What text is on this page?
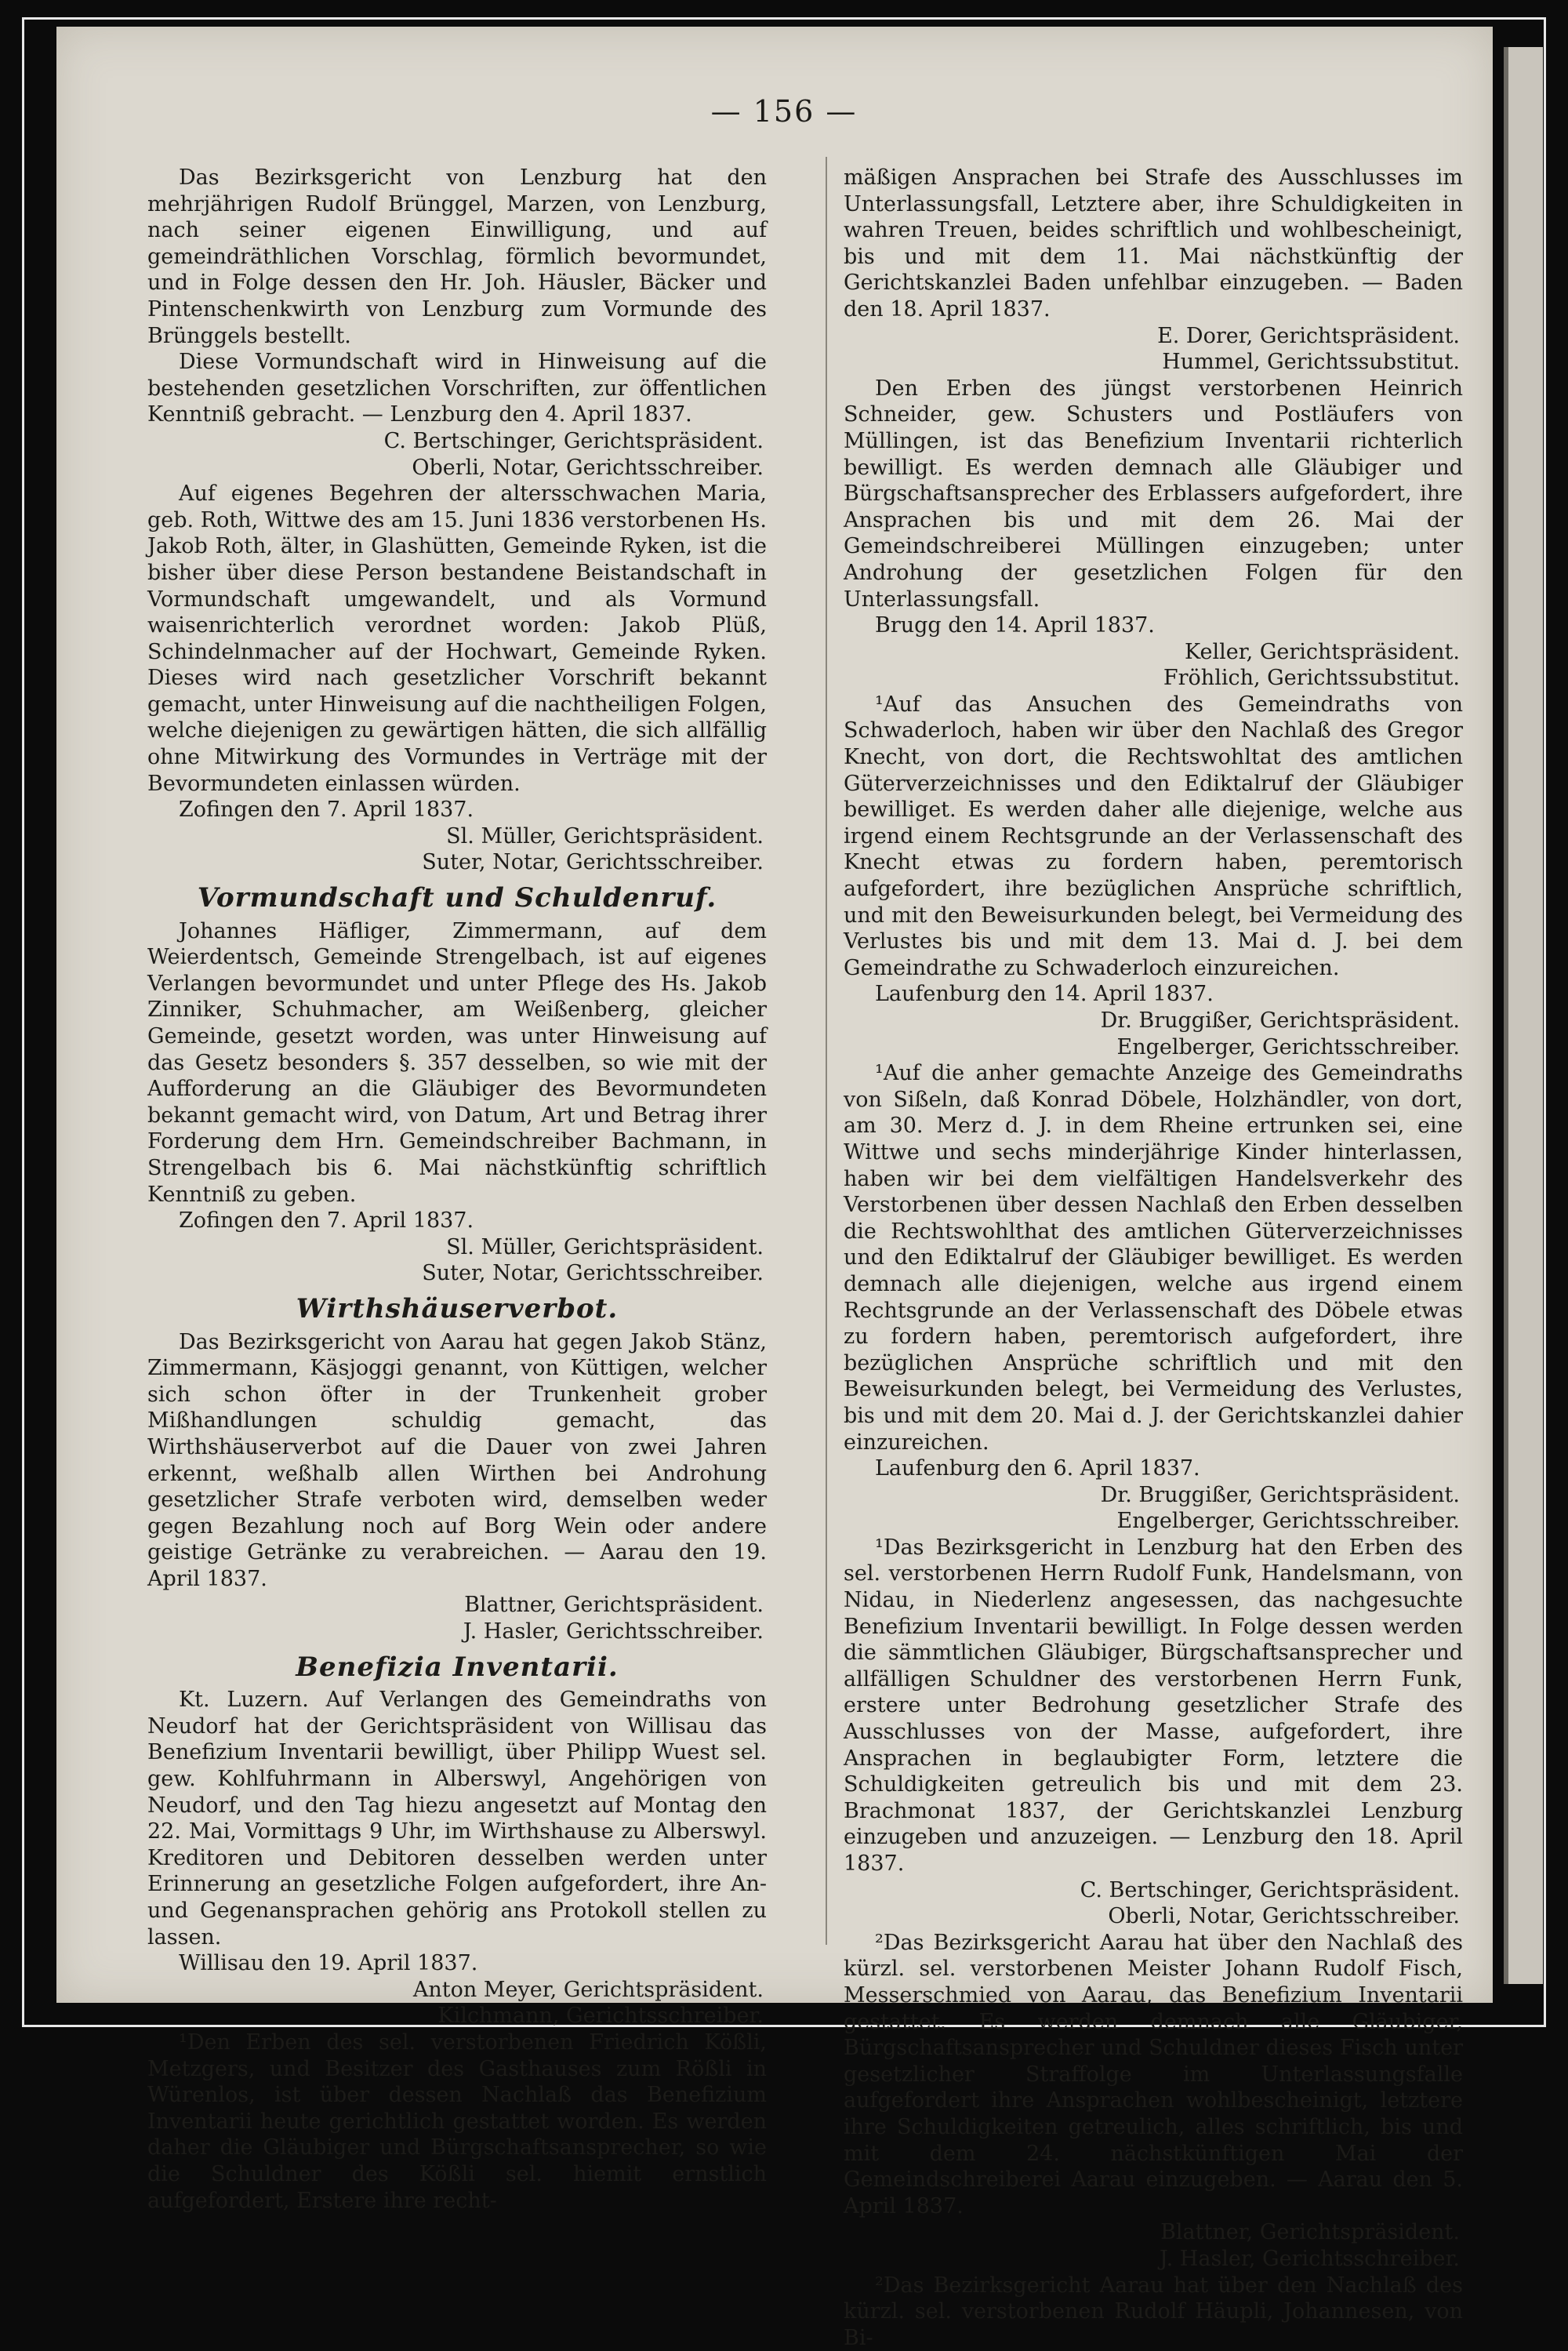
— 156 —

Das Bezirksgericht von Lenzburg hat den mehrjährigen Rudolf Brünggel, Marzen, von Lenzburg, nach seiner eigenen Einwilligung, und auf gemeindräthlichen Vorschlag, förmlich bevormundet, und in Folge dessen den Hr. Joh. Häusler, Bäcker und Pintenschenkwirth von Lenzburg zum Vormunde des Brünggels bestellt.

Diese Vormundschaft wird in Hinweisung auf die bestehenden gesetzlichen Vorschriften, zur öffentlichen Kenntniß gebracht. — Lenzburg den 4. April 1837.

C. Bertschinger, Gerichtspräsident.
Oberli, Notar, Gerichtsschreiber.

Auf eigenes Begehren der altersschwachen Maria, geb. Roth, Wittwe des am 15. Juni 1836 verstorbenen Hs. Jakob Roth, älter, in Glashütten, Gemeinde Ryken, ist die bisher über diese Person bestandene Beistandschaft in Vormundschaft umgewandelt, und als Vormund waisenrichterlich verordnet worden: Jakob Plüß, Schindelnmacher auf der Hochwart, Gemeinde Ryken. Dieses wird nach gesetzlicher Vorschrift bekannt gemacht, unter Hinweisung auf die nachtheiligen Folgen, welche diejenigen zu gewärtigen hätten, die sich allfällig ohne Mitwirkung des Vormundes in Verträge mit der Bevormundeten einlassen würden.

Zofingen den 7. April 1837.
Sl. Müller, Gerichtspräsident.
Suter, Notar, Gerichtsschreiber.
Vormundschaft und Schuldenruf.

Johannes Häfliger, Zimmermann, auf dem Weierdentsch, Gemeinde Strengelbach, ist auf eigenes Verlangen bevormundet und unter Pflege des Hs. Jakob Zinniker, Schuhmacher, am Weißenberg, gleicher Gemeinde, gesetzt worden, was unter Hinweisung auf das Gesetz besonders §. 357 desselben, so wie mit der Aufforderung an die Gläubiger des Bevormundeten bekannt gemacht wird, von Datum, Art und Betrag ihrer Forderung dem Hrn. Gemeindschreiber Bachmann, in Strengelbach bis 6. Mai nächstkünftig schriftlich Kenntniß zu geben.

Zofingen den 7. April 1837.
Sl. Müller, Gerichtspräsident.
Suter, Notar, Gerichtsschreiber.
Wirthshäuserverbot.

Das Bezirksgericht von Aarau hat gegen Jakob Stänz, Zimmermann, Käsjoggi genannt, von Küttigen, welcher sich schon öfter in der Trunkenheit grober Mißhandlungen schuldig gemacht, das Wirthshäuserverbot auf die Dauer von zwei Jahren erkennt, weßhalb allen Wirthen bei Androhung gesetzlicher Strafe verboten wird, demselben weder gegen Bezahlung noch auf Borg Wein oder andere geistige Getränke zu verabreichen. — Aarau den 19. April 1837.

Blattner, Gerichtspräsident.
J. Hasler, Gerichtsschreiber.
Benefizia Inventarii.

Kt. Luzern. Auf Verlangen des Gemeindraths von Neudorf hat der Gerichtspräsident von Willisau das Benefizium Inventarii bewilligt, über Philipp Wuest sel. gew. Kohlfuhrmann in Alberswyl, Angehörigen von Neudorf, und den Tag hiezu angesetzt auf Montag den 22. Mai, Vormittags 9 Uhr, im Wirthshause zu Alberswyl. Kreditoren und Debitoren desselben werden unter Erinnerung an gesetzliche Folgen aufgefordert, ihre An- und Gegenansprachen gehörig ans Protokoll stellen zu lassen.

Willisau den 19. April 1837.
Anton Meyer, Gerichtspräsident.
Kilchmann, Gerichtsschreiber.

¹Den Erben des sel. verstorbenen Friedrich Kößli, Metzgers, und Besitzer des Gasthauses zum Rößli in Würenlos, ist über dessen Nachlaß das Benefizium Inventarii heute gerichtlich gestattet worden. Es werden daher die Gläubiger und Bürgschaftsansprecher, so wie die Schuldner des Kößli sel. hiemit ernstlich aufgefordert, Erstere ihre recht-

mäßigen Ansprachen bei Strafe des Ausschlusses im Unterlassungsfall, Letztere aber, ihre Schuldigkeiten in wahren Treuen, beides schriftlich und wohlbescheinigt, bis und mit dem 11. Mai nächstkünftig der Gerichtskanzlei Baden unfehlbar einzugeben. — Baden den 18. April 1837.

E. Dorer, Gerichtspräsident.
Hummel, Gerichtssubstitut.

Den Erben des jüngst verstorbenen Heinrich Schneider, gew. Schusters und Postläufers von Müllingen, ist das Benefizium Inventarii richterlich bewilligt. Es werden demnach alle Gläubiger und Bürgschaftsansprecher des Erblassers aufgefordert, ihre Ansprachen bis und mit dem 26. Mai der Gemeindschreiberei Müllingen einzugeben; unter Androhung der gesetzlichen Folgen für den Unterlassungsfall.

Brugg den 14. April 1837.
Keller, Gerichtspräsident.
Fröhlich, Gerichtssubstitut.

¹Auf das Ansuchen des Gemeindraths von Schwaderloch, haben wir über den Nachlaß des Gregor Knecht, von dort, die Rechtswohltat des amtlichen Güterverzeichnisses und den Ediktalruf der Gläubiger bewilliget. Es werden daher alle diejenige, welche aus irgend einem Rechtsgrunde an der Verlassenschaft des Knecht etwas zu fordern haben, peremtorisch aufgefordert, ihre bezüglichen Ansprüche schriftlich, und mit den Beweisurkunden belegt, bei Vermeidung des Verlustes bis und mit dem 13. Mai d. J. bei dem Gemeindrathe zu Schwaderloch einzureichen.

Laufenburg den 14. April 1837.
Dr. Bruggißer, Gerichtspräsident.
Engelberger, Gerichtsschreiber.

¹Auf die anher gemachte Anzeige des Gemeindraths von Sißeln, daß Konrad Döbele, Holzhändler, von dort, am 30. Merz d. J. in dem Rheine ertrunken sei, eine Wittwe und sechs minderjährige Kinder hinterlassen, haben wir bei dem vielfältigen Handelsverkehr des Verstorbenen über dessen Nachlaß den Erben desselben die Rechtswohlthat des amtlichen Güterverzeichnisses und den Ediktalruf der Gläubiger bewilliget. Es werden demnach alle diejenigen, welche aus irgend einem Rechtsgrunde an der Verlassenschaft des Döbele etwas zu fordern haben, peremtorisch aufgefordert, ihre bezüglichen Ansprüche schriftlich und mit den Beweisurkunden belegt, bei Vermeidung des Verlustes, bis und mit dem 20. Mai d. J. der Gerichtskanzlei dahier einzureichen.

Laufenburg den 6. April 1837.
Dr. Bruggißer, Gerichtspräsident.
Engelberger, Gerichtsschreiber.

¹Das Bezirksgericht in Lenzburg hat den Erben des sel. verstorbenen Herrn Rudolf Funk, Handelsmann, von Nidau, in Niederlenz angesessen, das nachgesuchte Benefizium Inventarii bewilligt. In Folge dessen werden die sämmtlichen Gläubiger, Bürgschaftsansprecher und allfälligen Schuldner des verstorbenen Herrn Funk, erstere unter Bedrohung gesetzlicher Strafe des Ausschlusses von der Masse, aufgefordert, ihre Ansprachen in beglaubigter Form, letztere die Schuldigkeiten getreulich bis und mit dem 23. Brachmonat 1837, der Gerichtskanzlei Lenzburg einzugeben und anzuzeigen. — Lenzburg den 18. April 1837.

C. Bertschinger, Gerichtspräsident.
Oberli, Notar, Gerichtsschreiber.

²Das Bezirksgericht Aarau hat über den Nachlaß des kürzl. sel. verstorbenen Meister Johann Rudolf Fisch, Messerschmied von Aarau, das Benefizium Inventarii gestattet. Es werden demnach alle Gläubiger, Bürgschaftsansprecher und Schuldner dieses Fisch unter gesetzlicher Straffolge im Unterlassungsfalle aufgefordert ihre Ansprachen wohlbescheinigt, letztere ihre Schuldigkeiten getreulich, alles schriftlich, bis und mit dem 24. nächstkünftigen Mai der Gemeindschreiberei Aarau einzugeben. — Aarau den 5. April 1837.

Blattner, Gerichtspräsident.
J. Hasler, Gerichtsschreiber.

²Das Bezirksgericht Aarau hat über den Nachlaß des kürzl. sel. verstorbenen Rudolf Häupli, Johannesen, von Bi-
